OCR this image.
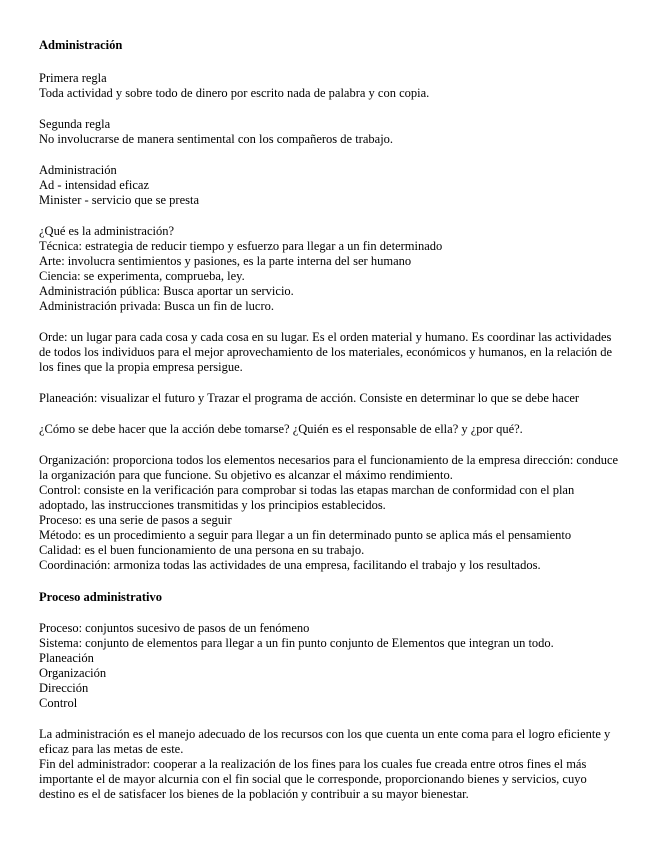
Administración

Primera regla

Toda actividad y sobre todo de dinero por escrito nada de palabra y con copia.

Segunda regla

No involucrarse de manera sentimental con los compañeros de trabajo.

Administración

Ad - intensidad eficaz

Minister - servicio que se presta

¿Qué es la administración?

Técnica: estrategia de reducir tiempo y esfuerzo para llegar a un fin determinado

Arte: involucra sentimientos y pasiones, es la parte interna del ser humano

Ciencia: se experimenta, comprueba, ley.

Administración pública: Busca aportar un servicio.

Administración privada: Busca un fin de lucro.

Orde: un lugar para cada cosa y cada cosa en su lugar. Es el orden material y humano. Es coordinar las actividades de todos los individuos para el mejor aprovechamiento de los materiales, económicos y humanos, en la relación de los fines que la propia empresa persigue.

Planeación: visualizar el futuro y Trazar el programa de acción. Consiste en determinar lo que se debe hacer

¿Cómo se debe hacer que la acción debe tomarse? ¿Quién es el responsable de ella? y ¿por qué?.

Organización: proporciona todos los elementos necesarios para el funcionamiento de la empresa dirección: conduce la organización para que funcione. Su objetivo es alcanzar el máximo rendimiento.

Control: consiste en la verificación para comprobar si todas las etapas marchan de conformidad con el plan adoptado, las instrucciones transmitidas y los principios establecidos.

Proceso: es una serie de pasos a seguir

Método: es un procedimiento a seguir para llegar a un fin determinado punto se aplica más el pensamiento

Calidad: es el buen funcionamiento de una persona en su trabajo.

Coordinación: armoniza todas las actividades de una empresa, facilitando el trabajo y los resultados.

Proceso administrativo

Proceso: conjuntos sucesivo de pasos de un fenómeno

Sistema: conjunto de elementos para llegar a un fin punto conjunto de Elementos que integran un todo.

Planeación

Organización

Dirección

Control

La administración es el manejo adecuado de los recursos con los que cuenta un ente coma para el logro eficiente y eficaz para las metas de este.

Fin del administrador: cooperar a la realización de los fines para los cuales fue creada entre otros fines el más importante el de mayor alcurnia con el fin social que le corresponde, proporcionando bienes y servicios, cuyo destino es el de satisfacer los bienes de la población y contribuir a su mayor bienestar.
